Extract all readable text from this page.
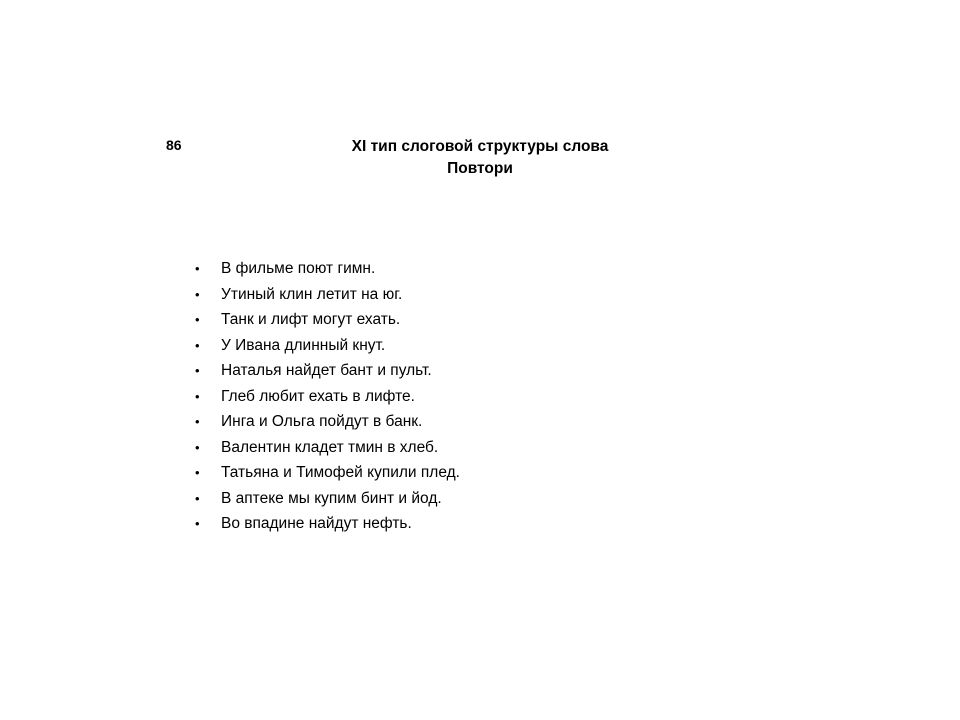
86	XI тип слоговой структуры слова
Повтори
•	В фильме поют гимн.
•	Утиный клин летит на юг.
•	Танк и лифт могут ехать.
•	У Ивана длинный кнут.
•	Наталья найдет бант и пульт.
•	Глеб любит ехать в лифте.
•	Инга и Ольга пойдут в банк.
•	Валентин кладет тмин в хлеб.
•	Татьяна и Тимофей купили плед.
•	В аптеке мы купим бинт и йод.
•	Во впадине найдут нефть.
